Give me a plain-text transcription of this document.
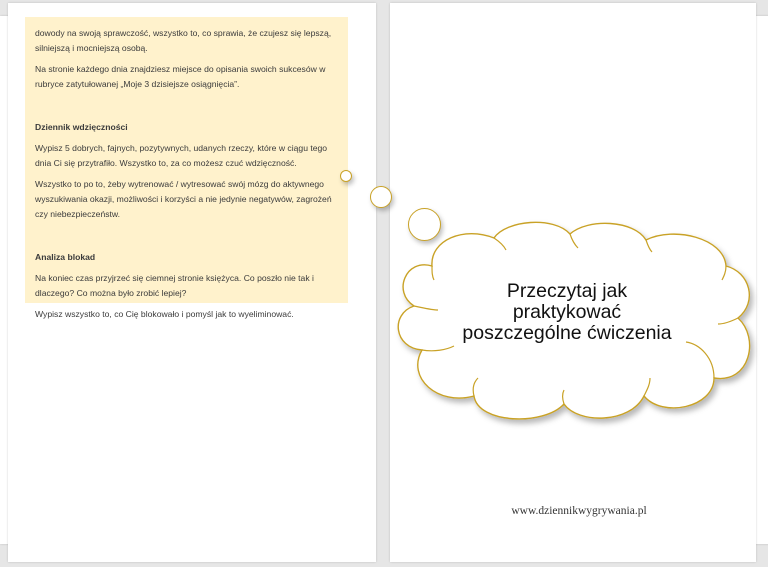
dowody na swoją sprawczość, wszystko to, co sprawia, że czujesz się lepszą, silniejszą i mocniejszą osobą.

Na stronie każdego dnia znajdziesz miejsce do opisania swoich sukcesów w rubryce zatytułowanej „Moje 3 dzisiejsze osiągnięcia”.

Dziennik wdzięczności

Wypisz 5 dobrych, fajnych, pozytywnych, udanych rzeczy, które w ciągu tego dnia Ci się przytrafiło. Wszystko to, za co możesz czuć wdzięczność.

Wszystko to po to, żeby wytrenować / wytresować swój mózg do aktywnego wyszukiwania okazji, możliwości i korzyści a nie jedynie negatywów, zagrożeń czy niebezpieczeństw.

Analiza blokad

Na koniec czas przyjrzeć się ciemnej stronie księżyca. Co poszło nie tak i dlaczego? Co można było zrobić lepiej?

Wypisz wszystko to, co Cię blokowało i pomyśl jak to wyeliminować.

Przeczytaj jak
praktykować
poszczególne ćwiczenia
www.dziennikwygrywania.pl
